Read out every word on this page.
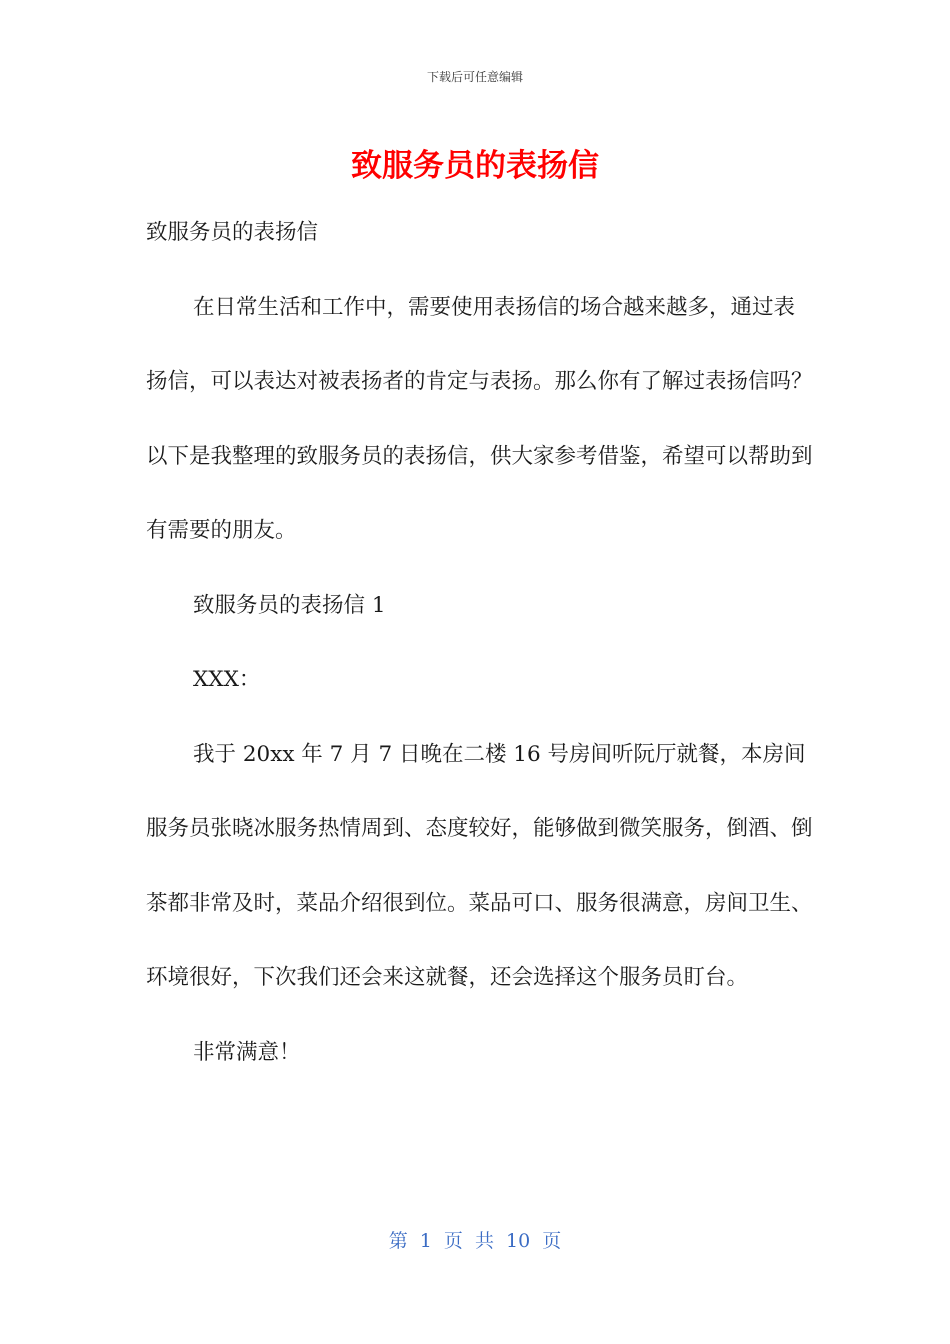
下载后可任意编辑
致服务员的表扬信

致服务员的表扬信

在日常生活和工作中，需要使用表扬信的场合越来越多，通过表扬信，可以表达对被表扬者的肯定与表扬。那么你有了解过表扬信吗？以下是我整理的致服务员的表扬信，供大家参考借鉴，希望可以帮助到有需要的朋友。

致服务员的表扬信 1

XXX：

我于 20xx 年 7 月 7 日晚在二楼 16 号房间听阮厅就餐，本房间服务员张晓冰服务热情周到、态度较好，能够做到微笑服务，倒酒、倒茶都非常及时，菜品介绍很到位。菜品可口、服务很满意，房间卫生、环境很好，下次我们还会来这就餐，还会选择这个服务员盯台。

非常满意！

第 1 页 共 10 页
